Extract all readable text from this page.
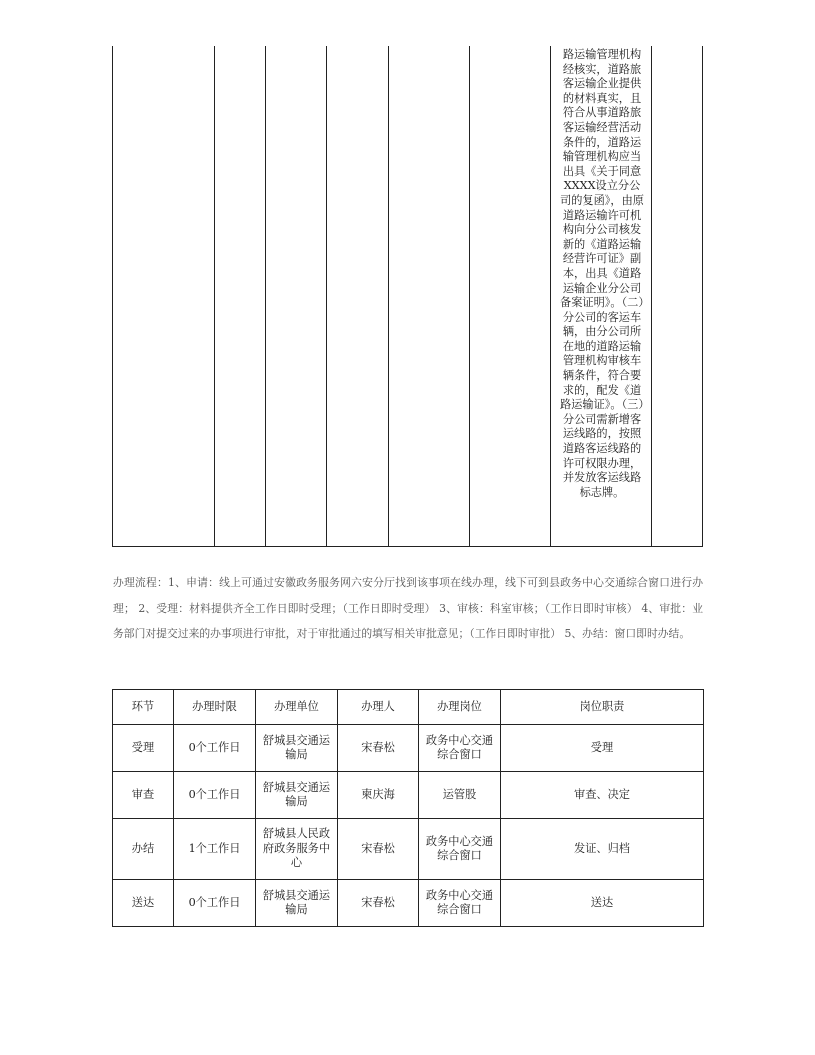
路运输管理机构经核实，道路旅客运输企业提供的材料真实，且符合从事道路旅客运输经营活动条件的，道路运输管理机构应当出具《关于同意XXXX设立分公司的复函》，由原道路运输许可机构向分公司核发新的《道路运输经营许可证》副本，出具《道路运输企业分公司备案证明》。（二）分公司的客运车辆，由分公司所在地的道路运输管理机构审核车辆条件，符合要求的，配发《道路运输证》。（三）分公司需新增客运线路的，按照道路客运线路的许可权限办理，并发放客运线路标志牌。
办理流程：1、申请：线上可通过安徽政务服务网六安分厅找到该事项在线办理，线下可到县政务中心交通综合窗口进行办理； 2、受理：材料提供齐全工作日即时受理；（工作日即时受理） 3、审核：科室审核；（工作日即时审核） 4、审批：业务部门对提交过来的办事项进行审批，对于审批通过的填写相关审批意见；（工作日即时审批） 5、办结：窗口即时办结。
环节	办理时限	办理单位	办理人	办理岗位	岗位职责
受理	0个工作日	舒城县交通运输局	宋春松	政务中心交通综合窗口	受理
审查	0个工作日	舒城县交通运输局	柬庆海	运管股	审查、决定
办结	1个工作日	舒城县人民政府政务服务中心	宋春松	政务中心交通综合窗口	发证、归档
送达	0个工作日	舒城县交通运输局	宋春松	政务中心交通综合窗口	送达
